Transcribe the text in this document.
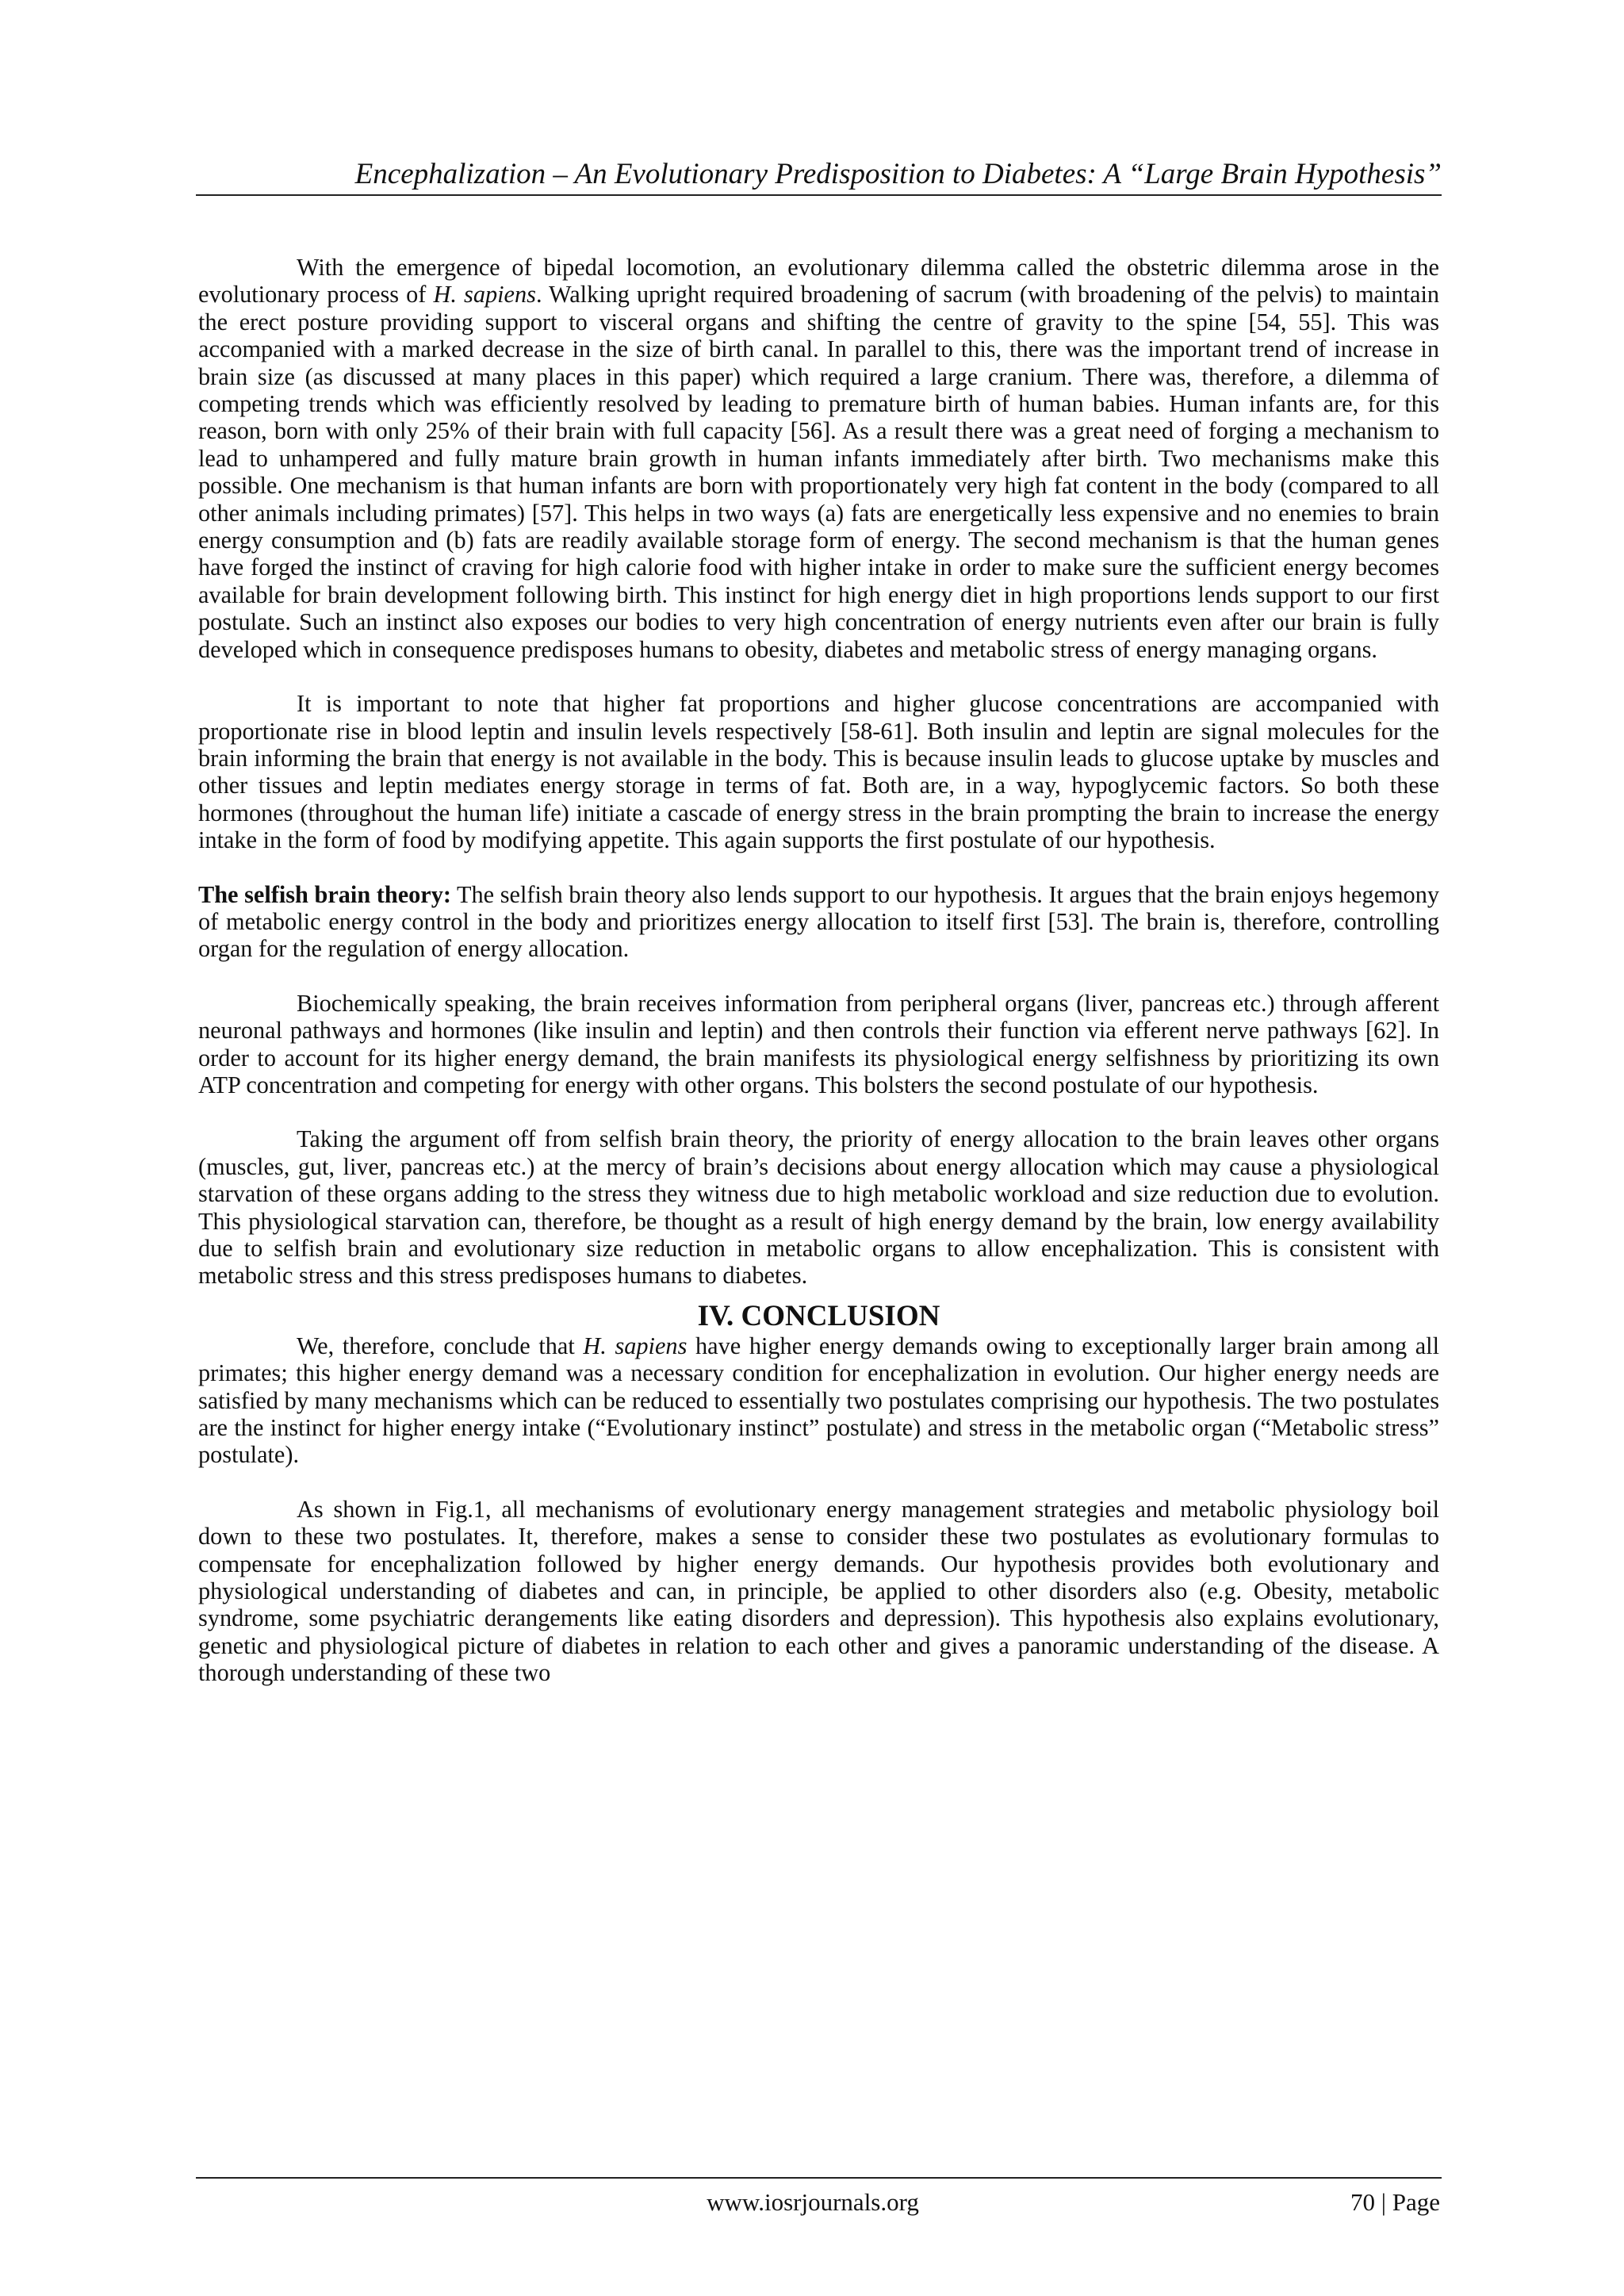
Encephalization – An Evolutionary Predisposition to Diabetes: A “Large Brain Hypothesis”

With the emergence of bipedal locomotion, an evolutionary dilemma called the obstetric dilemma arose in the evolutionary process of H. sapiens. Walking upright required broadening of sacrum (with broadening of the pelvis) to maintain the erect posture providing support to visceral organs and shifting the centre of gravity to the spine [54, 55]. This was accompanied with a marked decrease in the size of birth canal. In parallel to this, there was the important trend of increase in brain size (as discussed at many places in this paper) which required a large cranium. There was, therefore, a dilemma of competing trends which was efficiently resolved by leading to premature birth of human babies. Human infants are, for this reason, born with only 25% of their brain with full capacity [56]. As a result there was a great need of forging a mechanism to lead to unhampered and fully mature brain growth in human infants immediately after birth. Two mechanisms make this possible. One mechanism is that human infants are born with proportionately very high fat content in the body (compared to all other animals including primates) [57]. This helps in two ways (a) fats are energetically less expensive and no enemies to brain energy consumption and (b) fats are readily available storage form of energy. The second mechanism is that the human genes have forged the instinct of craving for high calorie food with higher intake in order to make sure the sufficient energy becomes available for brain development following birth. This instinct for high energy diet in high proportions lends support to our first postulate. Such an instinct also exposes our bodies to very high concentration of energy nutrients even after our brain is fully developed which in consequence predisposes humans to obesity, diabetes and metabolic stress of energy managing organs.

It is important to note that higher fat proportions and higher glucose concentrations are accompanied with proportionate rise in blood leptin and insulin levels respectively [58-61]. Both insulin and leptin are signal molecules for the brain informing the brain that energy is not available in the body. This is because insulin leads to glucose uptake by muscles and other tissues and leptin mediates energy storage in terms of fat. Both are, in a way, hypoglycemic factors. So both these hormones (throughout the human life) initiate a cascade of energy stress in the brain prompting the brain to increase the energy intake in the form of food by modifying appetite. This again supports the first postulate of our hypothesis.

The selfish brain theory: The selfish brain theory also lends support to our hypothesis. It argues that the brain enjoys hegemony of metabolic energy control in the body and prioritizes energy allocation to itself first [53]. The brain is, therefore, controlling organ for the regulation of energy allocation.

Biochemically speaking, the brain receives information from peripheral organs (liver, pancreas etc.) through afferent neuronal pathways and hormones (like insulin and leptin) and then controls their function via efferent nerve pathways [62]. In order to account for its higher energy demand, the brain manifests its physiological energy selfishness by prioritizing its own ATP concentration and competing for energy with other organs. This bolsters the second postulate of our hypothesis.

Taking the argument off from selfish brain theory, the priority of energy allocation to the brain leaves other organs (muscles, gut, liver, pancreas etc.) at the mercy of brain’s decisions about energy allocation which may cause a physiological starvation of these organs adding to the stress they witness due to high metabolic workload and size reduction due to evolution. This physiological starvation can, therefore, be thought as a result of high energy demand by the brain, low energy availability due to selfish brain and evolutionary size reduction in metabolic organs to allow encephalization. This is consistent with metabolic stress and this stress predisposes humans to diabetes.

IV. CONCLUSION

We, therefore, conclude that H. sapiens have higher energy demands owing to exceptionally larger brain among all primates; this higher energy demand was a necessary condition for encephalization in evolution. Our higher energy needs are satisfied by many mechanisms which can be reduced to essentially two postulates comprising our hypothesis. The two postulates are the instinct for higher energy intake (“Evolutionary instinct” postulate) and stress in the metabolic organ (“Metabolic stress” postulate).

As shown in Fig.1, all mechanisms of evolutionary energy management strategies and metabolic physiology boil down to these two postulates. It, therefore, makes a sense to consider these two postulates as evolutionary formulas to compensate for encephalization followed by higher energy demands. Our hypothesis provides both evolutionary and physiological understanding of diabetes and can, in principle, be applied to other disorders also (e.g. Obesity, metabolic syndrome, some psychiatric derangements like eating disorders and depression). This hypothesis also explains evolutionary, genetic and physiological picture of diabetes in relation to each other and gives a panoramic understanding of the disease. A thorough understanding of these two

www.iosrjournals.org	70 | Page
